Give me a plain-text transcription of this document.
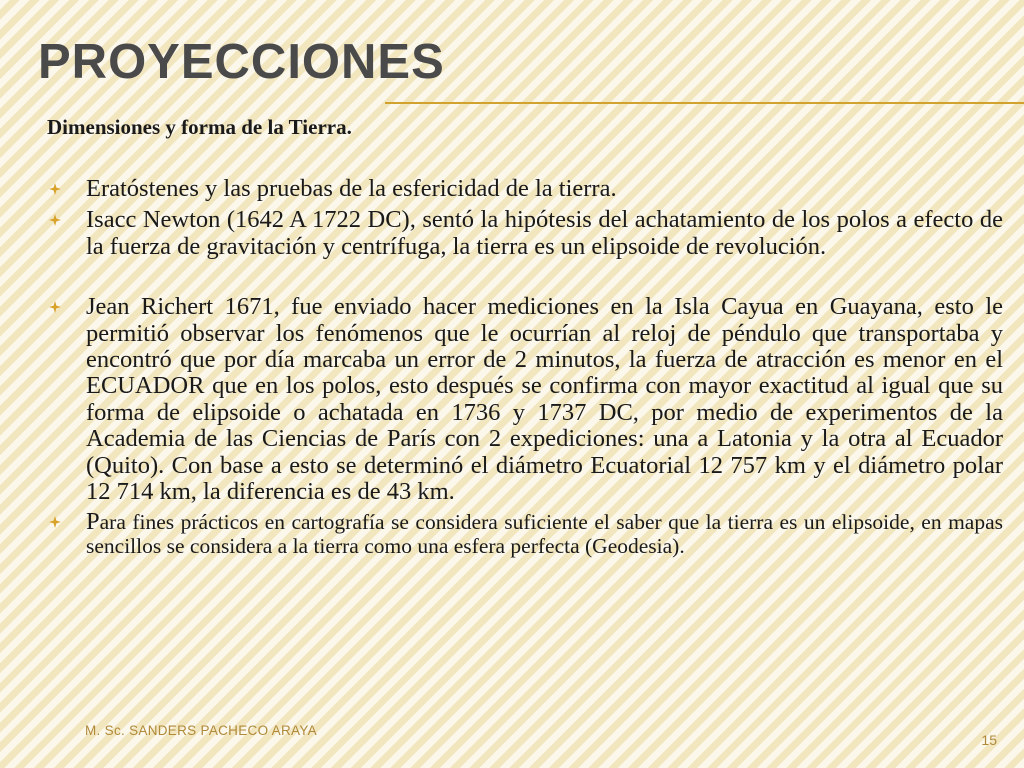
PROYECCIONES
Dimensiones y forma de la Tierra.
Eratóstenes y las pruebas de la esfericidad de la tierra.
Isacc Newton (1642 A 1722 DC), sentó la hipótesis del achatamiento de los polos a efecto de la fuerza de gravitación y centrífuga, la tierra es un elipsoide de revolución.
Jean Richert 1671, fue enviado hacer mediciones en la Isla Cayua en Guayana, esto le permitió observar los fenómenos que le ocurrían al reloj de péndulo que transportaba y encontró que por día marcaba un error de 2 minutos, la fuerza de atracción es menor en el ECUADOR que en los polos, esto después se confirma con mayor exactitud al igual que su forma de elipsoide o achatada en 1736 y 1737 DC, por medio de experimentos de la Academia de las Ciencias de París con 2 expediciones: una a Latonia y la otra al Ecuador (Quito). Con base a esto se determinó el diámetro Ecuatorial 12 757 km y el diámetro polar 12 714 km, la diferencia es de 43 km.
Para fines prácticos en cartografía se considera suficiente el saber que la tierra es un elipsoide, en mapas sencillos se considera a la tierra como una esfera perfecta (Geodesia).
M. Sc. SANDERS PACHECO ARAYA
15
